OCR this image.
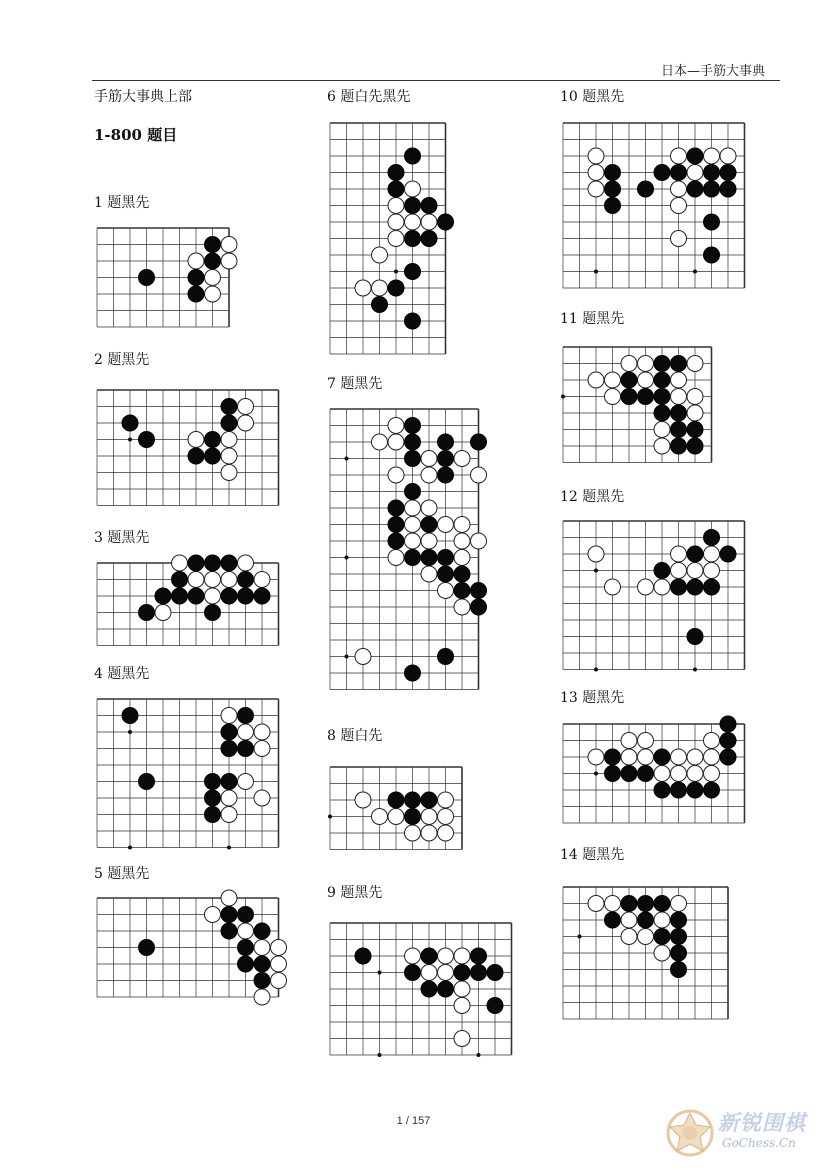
日本—手筋大事典
手筋大事典上部
1-800 题目
1 题黑先
2 题黑先
3 题黑先
4 题黑先
5 题黑先
6 题白先黑先
7 题黑先
8 题白先
9 题黑先
10 题黑先
11 题黑先
12 题黑先
13 题黑先
14 题黑先
1 / 157	新锐围棋
GoChess.Cn
